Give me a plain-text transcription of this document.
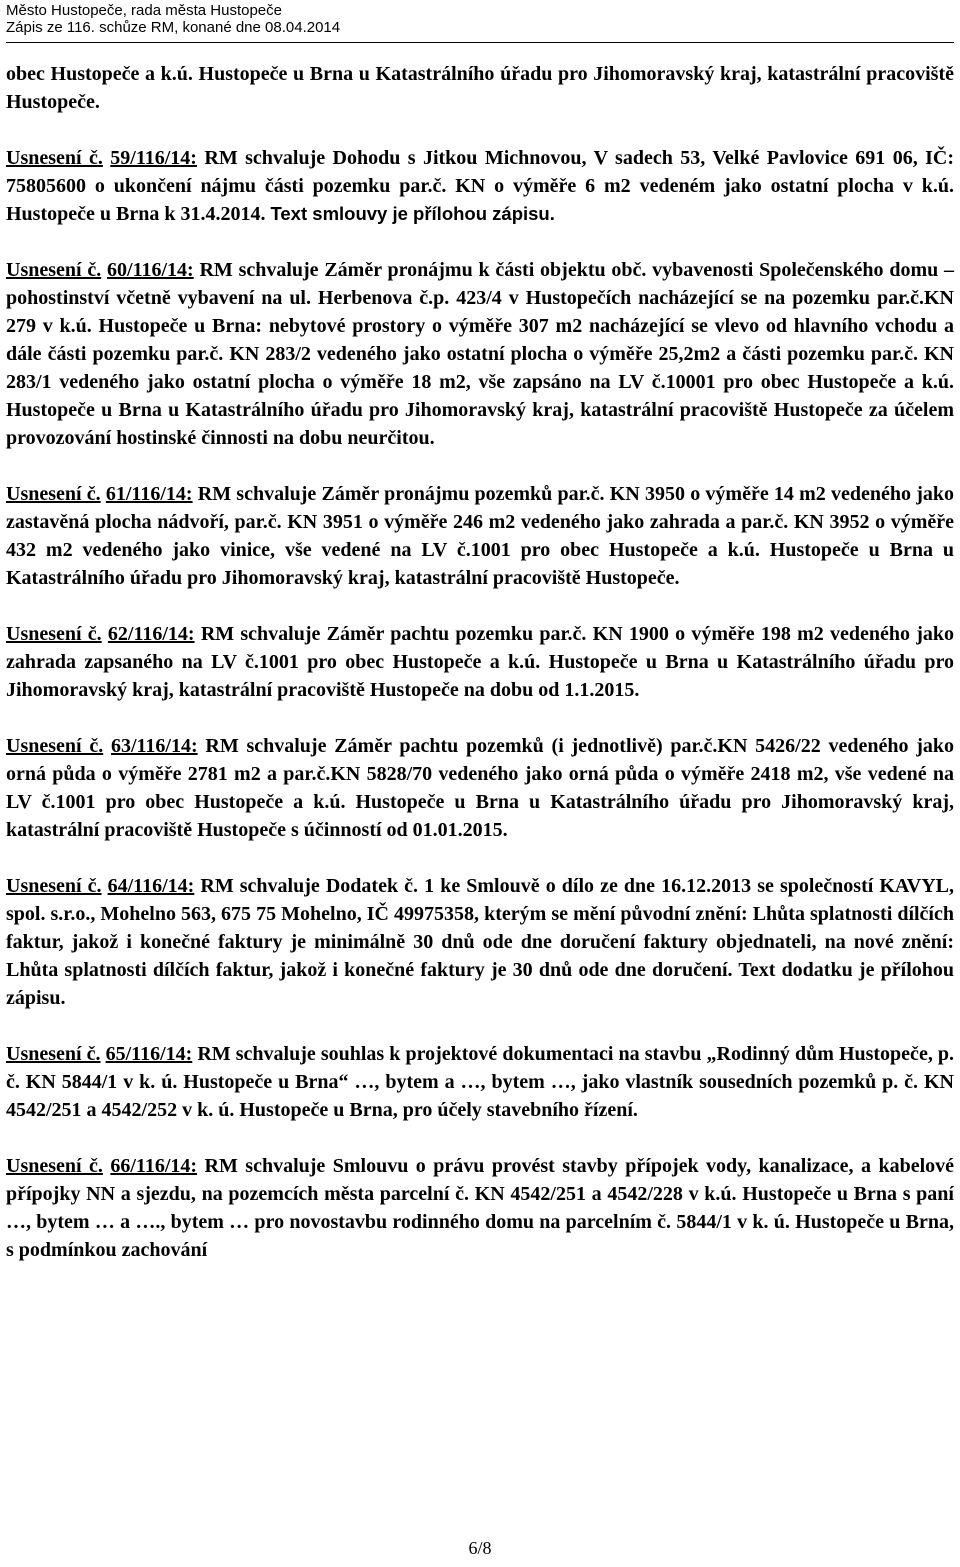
Město Hustopeče, rada města Hustopeče
Zápis ze 116. schůze RM, konané dne 08.04.2014

obec Hustopeče a k.ú. Hustopeče u Brna u Katastrálního úřadu pro Jihomoravský kraj, katastrální pracoviště Hustopeče.

Usnesení č. 59/116/14: RM schvaluje Dohodu s Jitkou Michnovou, V sadech 53, Velké Pavlovice 691 06, IČ: 75805600 o ukončení nájmu části pozemku par.č. KN o výměře 6 m2 vedeném jako ostatní plocha v k.ú. Hustopeče u Brna k 31.4.2014. Text smlouvy je přílohou zápisu.

Usnesení č. 60/116/14: RM schvaluje Záměr pronájmu k části objektu obč. vybavenosti Společenského domu – pohostinství včetně vybavení na ul. Herbenova č.p. 423/4 v Hustopečích nacházející se na pozemku par.č.KN 279 v k.ú. Hustopeče u Brna: nebytové prostory o výměře 307 m2 nacházející se vlevo od hlavního vchodu a dále části pozemku par.č. KN 283/2 vedeného jako ostatní plocha o výměře 25,2m2 a části pozemku par.č. KN 283/1 vedeného jako ostatní plocha o výměře 18 m2, vše zapsáno na LV č.10001 pro obec Hustopeče a k.ú. Hustopeče u Brna u Katastrálního úřadu pro Jihomoravský kraj, katastrální pracoviště Hustopeče za účelem provozování hostinské činnosti na dobu neurčitou.

Usnesení č. 61/116/14: RM schvaluje Záměr pronájmu pozemků par.č. KN 3950 o výměře 14 m2 vedeného jako zastavěná plocha nádvoří, par.č. KN 3951 o výměře 246 m2 vedeného jako zahrada a par.č. KN 3952 o výměře 432 m2 vedeného jako vinice, vše vedené na LV č.1001 pro obec Hustopeče a k.ú. Hustopeče u Brna u Katastrálního úřadu pro Jihomoravský kraj, katastrální pracoviště Hustopeče.

Usnesení č. 62/116/14: RM schvaluje Záměr pachtu pozemku par.č. KN 1900 o výměře 198 m2 vedeného jako zahrada zapsaného na LV č.1001 pro obec Hustopeče a k.ú. Hustopeče u Brna u Katastrálního úřadu pro Jihomoravský kraj, katastrální pracoviště Hustopeče na dobu od 1.1.2015.

Usnesení č. 63/116/14: RM schvaluje Záměr pachtu pozemků (i jednotlivě) par.č.KN 5426/22 vedeného jako orná půda o výměře 2781 m2 a par.č.KN 5828/70 vedeného jako orná půda o výměře 2418 m2, vše vedené na LV č.1001 pro obec Hustopeče a k.ú. Hustopeče u Brna u Katastrálního úřadu pro Jihomoravský kraj, katastrální pracoviště Hustopeče s účinností od 01.01.2015.

Usnesení č. 64/116/14: RM schvaluje Dodatek č. 1 ke Smlouvě o dílo ze dne 16.12.2013 se společností KAVYL, spol. s.r.o., Mohelno 563, 675 75 Mohelno, IČ 49975358, kterým se mění původní znění: Lhůta splatnosti dílčích faktur, jakož i konečné faktury je minimálně 30 dnů ode dne doručení faktury objednateli, na nové znění: Lhůta splatnosti dílčích faktur, jakož i konečné faktury je 30 dnů ode dne doručení. Text dodatku je přílohou zápisu.

Usnesení č. 65/116/14: RM schvaluje souhlas k projektové dokumentaci na stavbu „Rodinný dům Hustopeče, p. č. KN 5844/1 v k. ú. Hustopeče u Brna“ …, bytem a …, bytem …, jako vlastník sousedních pozemků p. č. KN 4542/251 a 4542/252 v k. ú. Hustopeče u Brna, pro účely stavebního řízení.

Usnesení č. 66/116/14: RM schvaluje Smlouvu o právu provést stavby přípojek vody, kanalizace, a kabelové přípojky NN a sjezdu, na pozemcích města parcelní č. KN 4542/251 a 4542/228 v k.ú. Hustopeče u Brna s paní …, bytem … a …., bytem … pro novostavbu rodinného domu na parcelním č. 5844/1 v k. ú. Hustopeče u Brna, s podmínkou zachování

6/8
